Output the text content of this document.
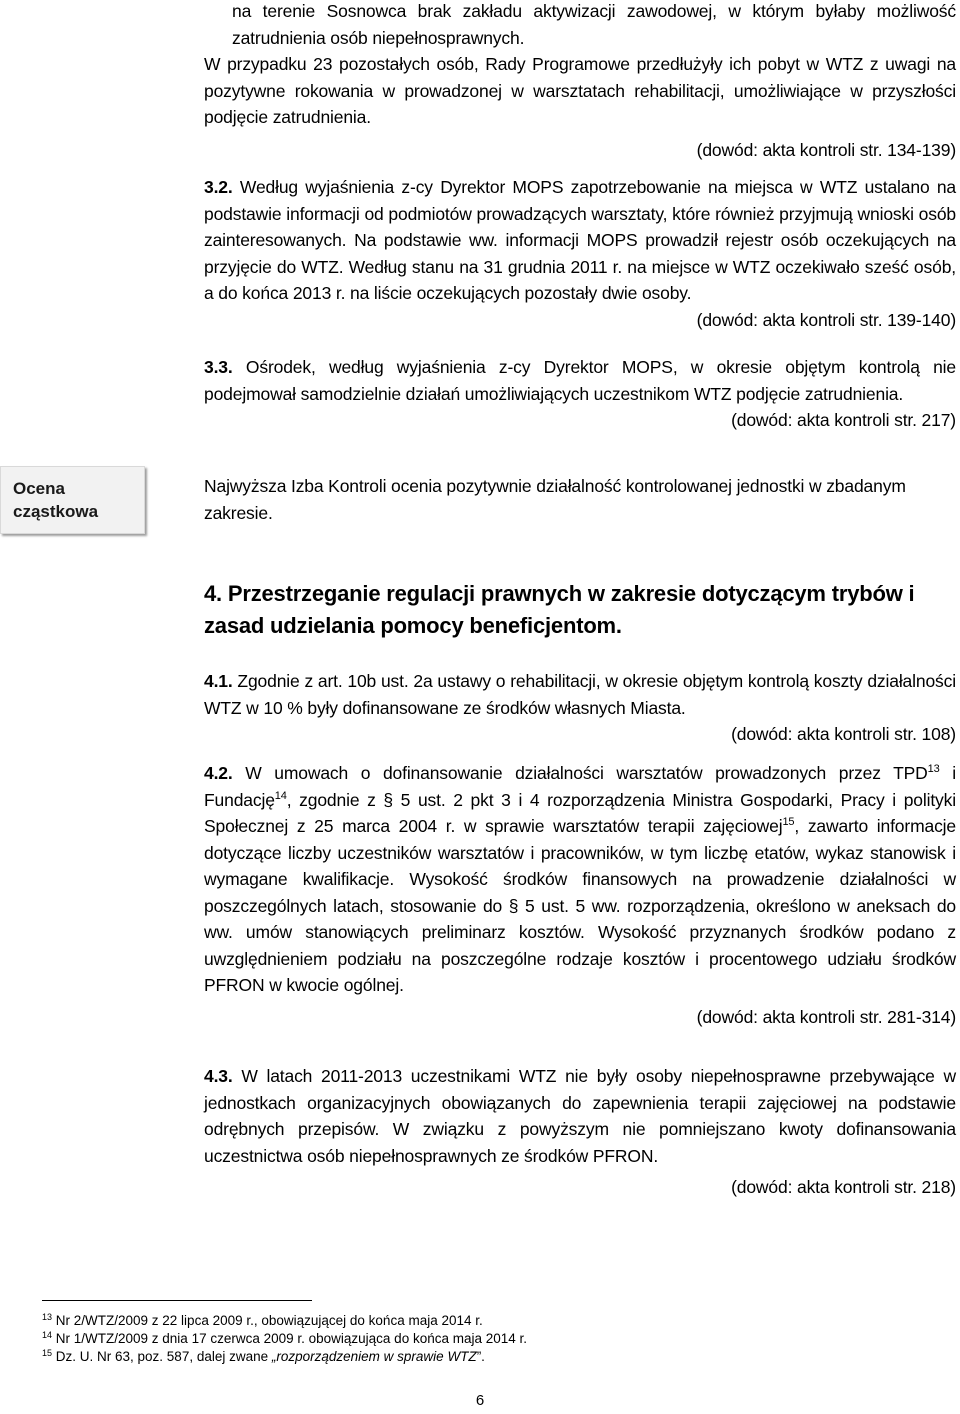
na terenie Sosnowca brak zakładu aktywizacji zawodowej, w którym byłaby możliwość zatrudnienia osób niepełnosprawnych.

W przypadku 23 pozostałych osób, Rady Programowe przedłużyły ich pobyt w WTZ z uwagi na pozytywne rokowania w prowadzonej w warsztatach rehabilitacji, umożliwiające w przyszłości podjęcie zatrudnienia.

(dowód: akta kontroli str. 134-139)

3.2. Według wyjaśnienia z-cy Dyrektor MOPS zapotrzebowanie na miejsca w WTZ ustalano na podstawie informacji od podmiotów prowadzących warsztaty, które również przyjmują wnioski osób zainteresowanych. Na podstawie ww. informacji MOPS prowadził rejestr osób oczekujących na przyjęcie do WTZ. Według stanu na 31 grudnia 2011 r. na miejsce w WTZ oczekiwało sześć osób, a do końca 2013 r. na liście oczekujących pozostały dwie osoby.

(dowód: akta kontroli str. 139-140)

3.3. Ośrodek, według wyjaśnienia z-cy Dyrektor MOPS, w okresie objętym kontrolą nie podejmował samodzielnie działań umożliwiających uczestnikom WTZ podjęcie zatrudnienia.

(dowód: akta kontroli str. 217)

Ocena
cząstkowa

Najwyższa Izba Kontroli ocenia pozytywnie działalność kontrolowanej jednostki w zbadanym zakresie.

4. Przestrzeganie regulacji prawnych w zakresie dotyczącym trybów i zasad udzielania pomocy beneficjentom.

4.1. Zgodnie z art. 10b ust. 2a ustawy o rehabilitacji, w okresie objętym kontrolą koszty działalności WTZ w 10 % były dofinansowane ze środków własnych Miasta.

(dowód: akta kontroli str. 108)

4.2. W umowach o dofinansowanie działalności warsztatów prowadzonych przez TPD$^{13}$ i Fundację$^{14}$, zgodnie z § 5 ust. 2 pkt 3 i 4 rozporządzenia Ministra Gospodarki, Pracy i polityki Społecznej z 25 marca 2004 r. w sprawie warsztatów terapii zajęciowej$^{15}$, zawarto informacje dotyczące liczby uczestników warsztatów i pracowników, w tym liczbę etatów, wykaz stanowisk i wymagane kwalifikacje. Wysokość środków finansowych na prowadzenie działalności w poszczególnych latach, stosowanie do § 5 ust. 5 ww. rozporządzenia, określono w aneksach do ww. umów stanowiących preliminarz kosztów. Wysokość przyznanych środków podano z uwzględnieniem podziału na poszczególne rodzaje kosztów i procentowego udziału środków PFRON w kwocie ogólnej.

(dowód: akta kontroli str. 281-314)

4.3. W latach 2011-2013 uczestnikami WTZ nie były osoby niepełnosprawne przebywające w jednostkach organizacyjnych obowiązanych do zapewnienia terapii zajęciowej na podstawie odrębnych przepisów. W związku z powyższym nie pomniejszano kwoty dofinansowania uczestnictwa osób niepełnosprawnych ze środków PFRON.

(dowód: akta kontroli str. 218)

$^{13}$ Nr 2/WTZ/2009 z 22 lipca 2009 r., obowiązującej do końca maja 2014 r.
$^{14}$ Nr 1/WTZ/2009 z dnia 17 czerwca 2009 r. obowiązująca do końca maja 2014 r.
$^{15}$ Dz. U. Nr 63, poz. 587, dalej zwane „rozporządzeniem w sprawie WTZ”.
6
